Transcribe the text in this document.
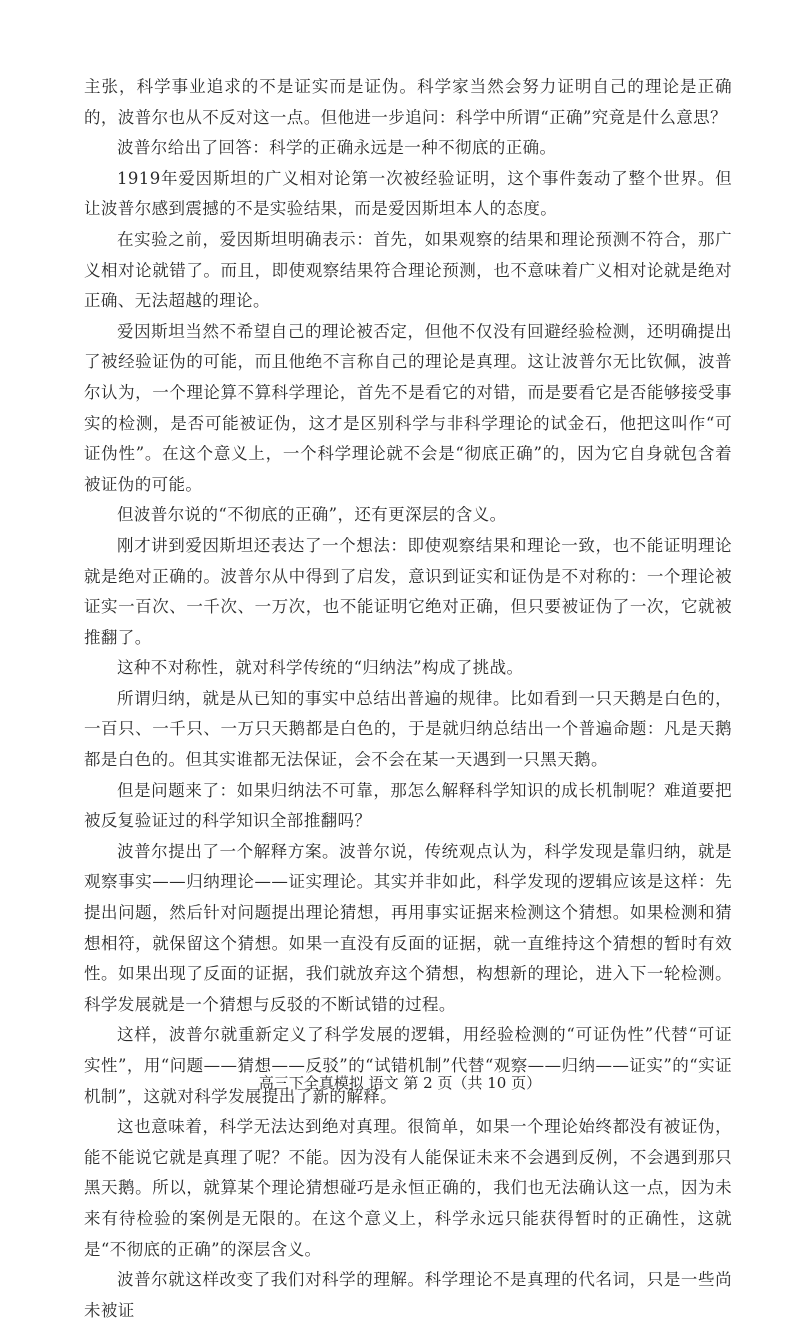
主张，科学事业追求的不是证实而是证伪。科学家当然会努力证明自己的理论是正确的，波普尔也从不反对这一点。但他进一步追问：科学中所谓“正确”究竟是什么意思？

波普尔给出了回答：科学的正确永远是一种不彻底的正确。

1919年爱因斯坦的广义相对论第一次被经验证明，这个事件轰动了整个世界。但让波普尔感到震撼的不是实验结果，而是爱因斯坦本人的态度。

在实验之前，爱因斯坦明确表示：首先，如果观察的结果和理论预测不符合，那广义相对论就错了。而且，即使观察结果符合理论预测，也不意味着广义相对论就是绝对正确、无法超越的理论。

爱因斯坦当然不希望自己的理论被否定，但他不仅没有回避经验检测，还明确提出了被经验证伪的可能，而且他绝不言称自己的理论是真理。这让波普尔无比钦佩，波普尔认为，一个理论算不算科学理论，首先不是看它的对错，而是要看它是否能够接受事实的检测，是否可能被证伪，这才是区别科学与非科学理论的试金石，他把这叫作“可证伪性”。在这个意义上，一个科学理论就不会是“彻底正确”的，因为它自身就包含着被证伪的可能。

但波普尔说的“不彻底的正确”，还有更深层的含义。

刚才讲到爱因斯坦还表达了一个想法：即使观察结果和理论一致，也不能证明理论就是绝对正确的。波普尔从中得到了启发，意识到证实和证伪是不对称的：一个理论被证实一百次、一千次、一万次，也不能证明它绝对正确，但只要被证伪了一次，它就被推翻了。

这种不对称性，就对科学传统的“归纳法”构成了挑战。

所谓归纳，就是从已知的事实中总结出普遍的规律。比如看到一只天鹅是白色的，一百只、一千只、一万只天鹅都是白色的，于是就归纳总结出一个普遍命题：凡是天鹅都是白色的。但其实谁都无法保证，会不会在某一天遇到一只黑天鹅。

但是问题来了：如果归纳法不可靠，那怎么解释科学知识的成长机制呢？难道要把被反复验证过的科学知识全部推翻吗？

波普尔提出了一个解释方案。波普尔说，传统观点认为，科学发现是靠归纳，就是观察事实——归纳理论——证实理论。其实并非如此，科学发现的逻辑应该是这样：先提出问题，然后针对问题提出理论猜想，再用事实证据来检测这个猜想。如果检测和猜想相符，就保留这个猜想。如果一直没有反面的证据，就一直维持这个猜想的暂时有效性。如果出现了反面的证据，我们就放弃这个猜想，构想新的理论，进入下一轮检测。科学发展就是一个猜想与反驳的不断试错的过程。

这样，波普尔就重新定义了科学发展的逻辑，用经验检测的“可证伪性”代替“可证实性”，用“问题——猜想——反驳”的“试错机制”代替“观察——归纳——证实”的“实证机制”，这就对科学发展提出了新的解释。

这也意味着，科学无法达到绝对真理。很简单，如果一个理论始终都没有被证伪，能不能说它就是真理了呢？不能。因为没有人能保证未来不会遇到反例，不会遇到那只黑天鹅。所以，就算某个理论猜想碰巧是永恒正确的，我们也无法确认这一点，因为未来有待检验的案例是无限的。在这个意义上，科学永远只能获得暂时的正确性，这就是“不彻底的正确”的深层含义。

波普尔就这样改变了我们对科学的理解。科学理论不是真理的代名词，只是一些尚未被证

高三下全真模拟 语文 第 2 页（共 10 页）
